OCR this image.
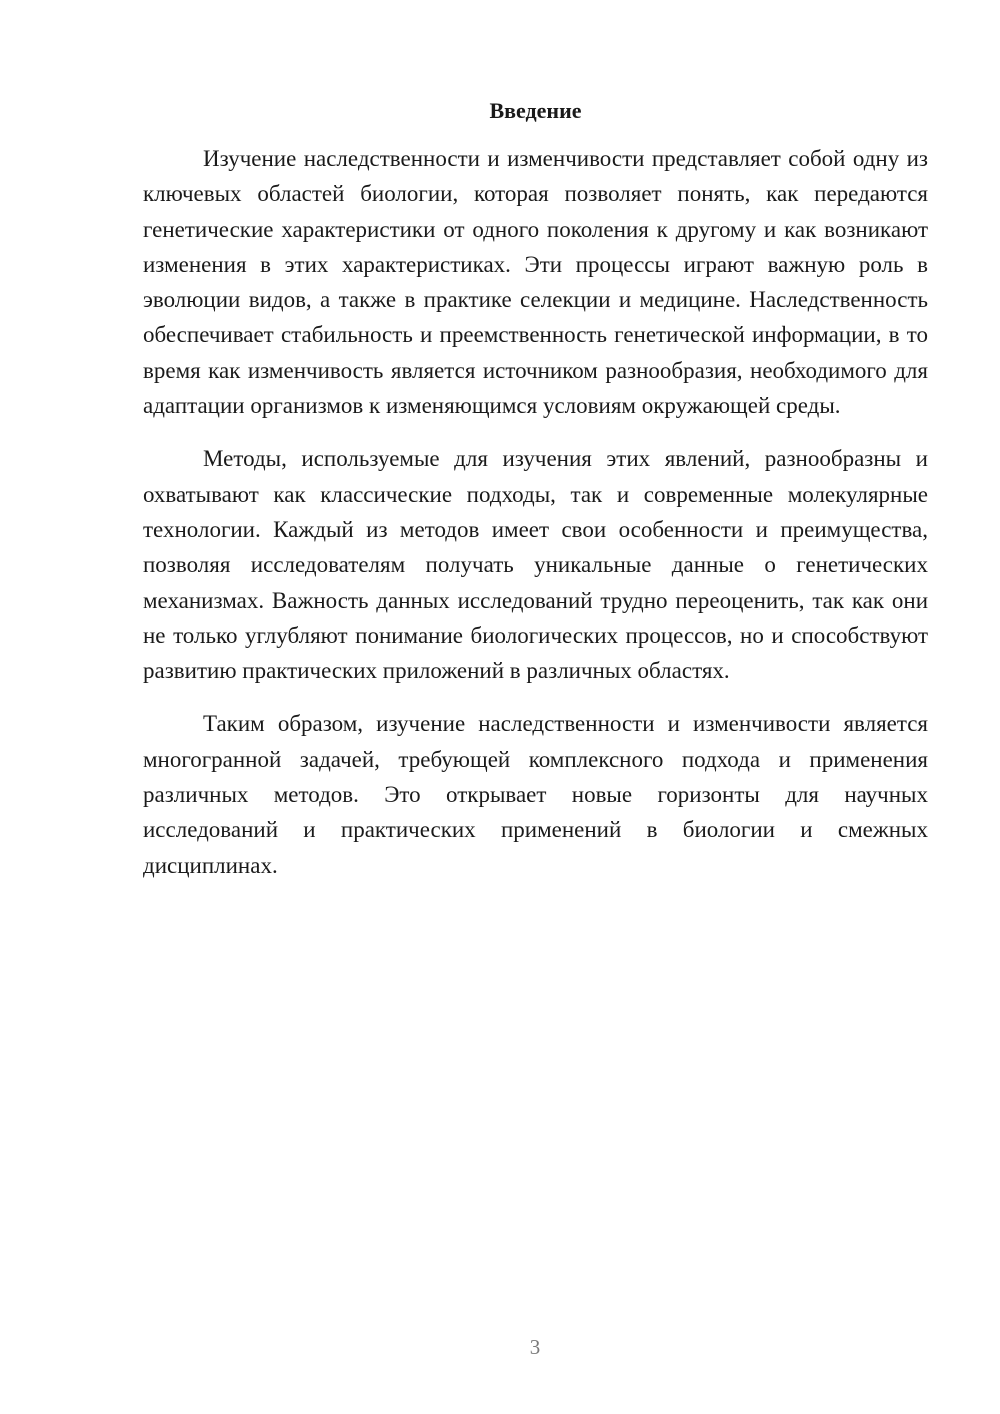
Введение

Изучение наследственности и изменчивости представляет собой одну из ключевых областей биологии, которая позволяет понять, как передаются генетические характеристики от одного поколения к другому и как возникают изменения в этих характеристиках. Эти процессы играют важную роль в эволюции видов, а также в практике селекции и медицине. Наследственность обеспечивает стабильность и преемственность генетической информации, в то время как изменчивость является источником разнообразия, необходимого для адаптации организмов к изменяющимся условиям окружающей среды.

Методы, используемые для изучения этих явлений, разнообразны и охватывают как классические подходы, так и современные молекулярные технологии. Каждый из методов имеет свои особенности и преимущества, позволяя исследователям получать уникальные данные о генетических механизмах. Важность данных исследований трудно переоценить, так как они не только углубляют понимание биологических процессов, но и способствуют развитию практических приложений в различных областях.

Таким образом, изучение наследственности и изменчивости является многогранной задачей, требующей комплексного подхода и применения различных методов. Это открывает новые горизонты для научных исследований и практических применений в биологии и смежных дисциплинах.

3
